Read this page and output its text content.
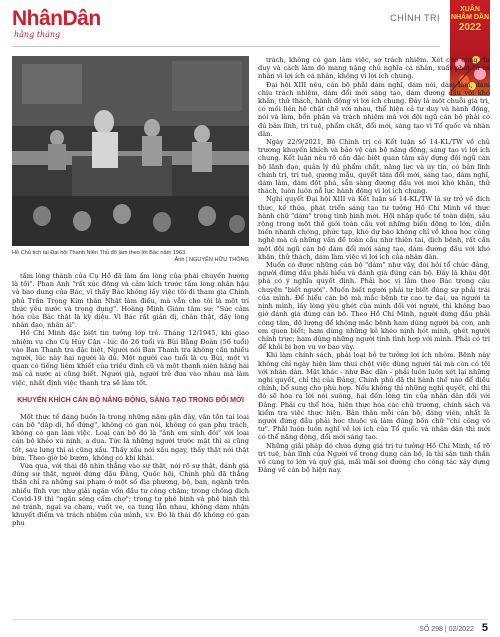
NhânDân
hằng tháng
CHÍNH TRỊ
XUÂN
NHÂM DẦN
2022
Hồ Chủ tịch tại Đại hội Thanh Niên Thủ đô làm theo lời Bác năm 1963.
Ảnh | NGUYỄN HỮU THÔNG

tấm lòng thành của Cụ Hồ đã làm ấm lòng của phái chuyến hướng là tồi". Phan Anh "rất xúc động và cảm kích trước tấm lòng nhân hậu và bao dung của Bác, vì thấy Bác không lấy việc tôi đi tham gia Chính phủ Trần Trọng Kim thân Nhật làm điều, mà vẫn cho tôi là một trí thức yêu nước và trọng dụng". Hoàng Minh Giám tâm sự: "Sức cảm hóa của Bác thật là kỳ diệu. Vì Bác rất giản dị, chân thật, đầy lòng nhân đạo, nhân ái".

Hồ Chí Minh đặc biệt tin tưởng lớp trẻ. Tháng 12/1945, khi giao nhiệm vụ cho Cù Huy Cận - lúc đó 26 tuổi và Bùi Bằng Đoàn (56 tuổi) vào Ban Thanh tra đặc biệt, Người nói Ban Thanh tra không cần nhiều người, lúc này hai người là đủ. Một người cao tuổi là cụ Bùi, một vị quan có tiếng liêm khiết của triều đình cũ và một thanh niên hăng hái mà cả nước ai cũng biết. Người già, người trẻ đưa vào nhau mà làm việc, nhất định việc thanh tra sẽ làm tốt.

KHUYẾN KHÍCH CÁN BỘ NĂNG ĐỘNG, SÁNG TẠO TRONG ĐỔI MỚI

Một thực tế đáng buồn là trong những năm gần đây, văn tồn tại loại cán bộ "dập dì, hổ đứng", không có gan nói, không có gan phụ trách, không có gan làm việc. Loại cán bộ đó là "ảnh em sinh đôi" với loại cán bộ khéo xu nịnh, a dua. Tức là những người trước mặt thì ai cũng tốt, sau lưng thì ai cũng xấu. Thấy xấu nói xấu ngay, thấy thật nói thật bừa. Theo giờ bè bướm, không có khi khái.

Vừa qua, với thái độ nhìn thẳng vào sự thật, nói rõ sự thật, đánh giá đúng sự thật, người đứng đầu Đảng, Quốc hội, Chính phủ đã thẳng thắn chỉ ra những sai phạm ở một số địa phương, bộ, ban, ngành trên nhiều lĩnh vực như giải ngân vốn đầu tư công chậm; trong chống dịch Covid-19 thì "ngăn sông cấm chợ"; trong tự phê bình và phê bình thì né tránh, ngại va chạm, vuốt ve, ca tụng lẫn nhau, không dám nhận khuyết điểm và trách nhiệm của mình, v.v. Đó là thái độ không có gan phụ

trách, không có gan làm việc, sợ trách nhiệm. Xét cho cùng, tư duy và cách làm đó mang nặng chủ nghĩa cá nhân, xuất phát từ cá nhân vì lợi ích cá nhân, không vì lợi ích chung.

Đại hội XIII nêu, cán bộ phải dám nghĩ, dám nói, dám làm, dám chịu trách nhiệm, dám đổi mới sáng tạo, dám đương đầu với khó khăn, thử thách, hành động vì lợi ích chung. Đây là một chuỗi giá trị, có mối liên hệ chặt chẽ với nhau, thể hiện cả tư duy và hành động, nói và làm, bổn phận và trách nhiệm mà với đội ngũ cán bộ phải có đủ bản lĩnh, trí tuệ, phẩm chất, đổi mới, sáng tạo vì Tổ quốc và nhân dân.

Ngày 22/9/2021, Bộ Chính trị có Kết luận số 14-KL/TW về chủ trương khuyến khích và bảo vệ cán bộ năng động, sáng tạo vì lợi ích chung. Kết luận nêu rõ cần đặc biệt quan tâm xây dựng đội ngũ cán bộ lãnh đạo, quản lý đủ phẩm chất, năng lực và uy tín, có bản lĩnh chính trị, trí tuệ, gương mẫu, quyết tâm đổi mới, sáng tạo, dám nghĩ, dám làm, dám đột phá, sẵn sàng đương đầu với mọi khó khăn, thử thách, luôn luôn nỗ lực hành động vì lợi ích chung.

Nghị quyết Đại hội XIII và Kết luận số 14-KL/TW là sự trở về đích thực, kế thừa, phát triển sáng tạo tư tưởng Hồ Chí Minh về thực hành chữ "dám" trong tình hình mới. Hội nhập quốc tế toàn diện, sâu rộng trong một thế giới toàn cầu với những biến động to lớn, diễn biến nhanh chóng, phức tạp, khó dự báo không chỉ về khoa học công nghệ mà cả những vấn đề toàn cầu như thiên tai, dịch bệnh, rất cần một đội ngũ cán bộ dám đổi mới sáng tạo, dám đương đầu với khó khăn, thử thách, dám làm việc vì lợi ích của nhân dân.

Muốn có được những cán bộ "dám" như vậy, đòi hỏi tổ chức đảng, người đứng đầu phải hiểu và đánh giá đúng cán bộ. Đây là khâu đột phá có ý nghĩa quyết định. Phải học vị lắm theo Bác trong câu chuyện "biết người". Muốn biết người phải tự biết đúng sự phải trái của mình. Để hiểu cán bộ mà mắc bệnh tự cao tự đại, ưa người ta nịnh mình, lấy lòng yêu ghét của mình đối với người, thì không bao giờ đánh giá đúng cán bộ. Theo Hồ Chí Minh, người đứng đầu phải công tâm, độ lượng để không mắc bệnh ham dùng người bà con, anh em quen biết; ham dùng những kẻ khéo nịnh hót mình, ghét người chính trực; ham dùng những người tính tình hợp với mình. Phải có trí để khỏi bị bọn vu vơ bao vây.

Khi làm chính sách, phải loại bỏ tư tưởng lợi ích nhóm. Bệnh này không chỉ ngày hiện làm thui chột việc dùng người tài mà còn có tội với nhân dân. Mặt khác - như Bác dặn - phải luôn luôn xét lại những nghị quyết, chỉ thị của Đảng, Chính phủ đã thi hành thế nào để điều chỉnh, bổ sung cho phù hợp. Nếu không thì những nghị quyết, chỉ thị đó sẽ hóa ra lời nói suông, hại đến lòng tin của nhân dân đối với Đảng. Phải cụ thể hóa, hiện thực hóa các chủ trương, chính sách và kiểm tra việc thực hiện. Bản thân mỗi cán bộ, đảng viên, nhất là người đứng đầu phải học thuộc và làm đúng bốn chữ "chí công vô tư". Phải luôn luôn nghĩ về lợi ích của Tổ quốc và nhân dân thì mới có thể năng động, đổi mới sáng tạo.

Những giải pháp đó chứa đựng giá trị tư tưởng Hồ Chí Minh, tổ rõ trí tuệ, bản lĩnh của Người về trọng dụng cán bộ, là tài sản tinh thần vô cùng to lớn và quý giá, mãi mãi soi đường cho công tác xây dựng Đảng về cán bộ hiện nay.

SỐ 298 | 02/2022 5
